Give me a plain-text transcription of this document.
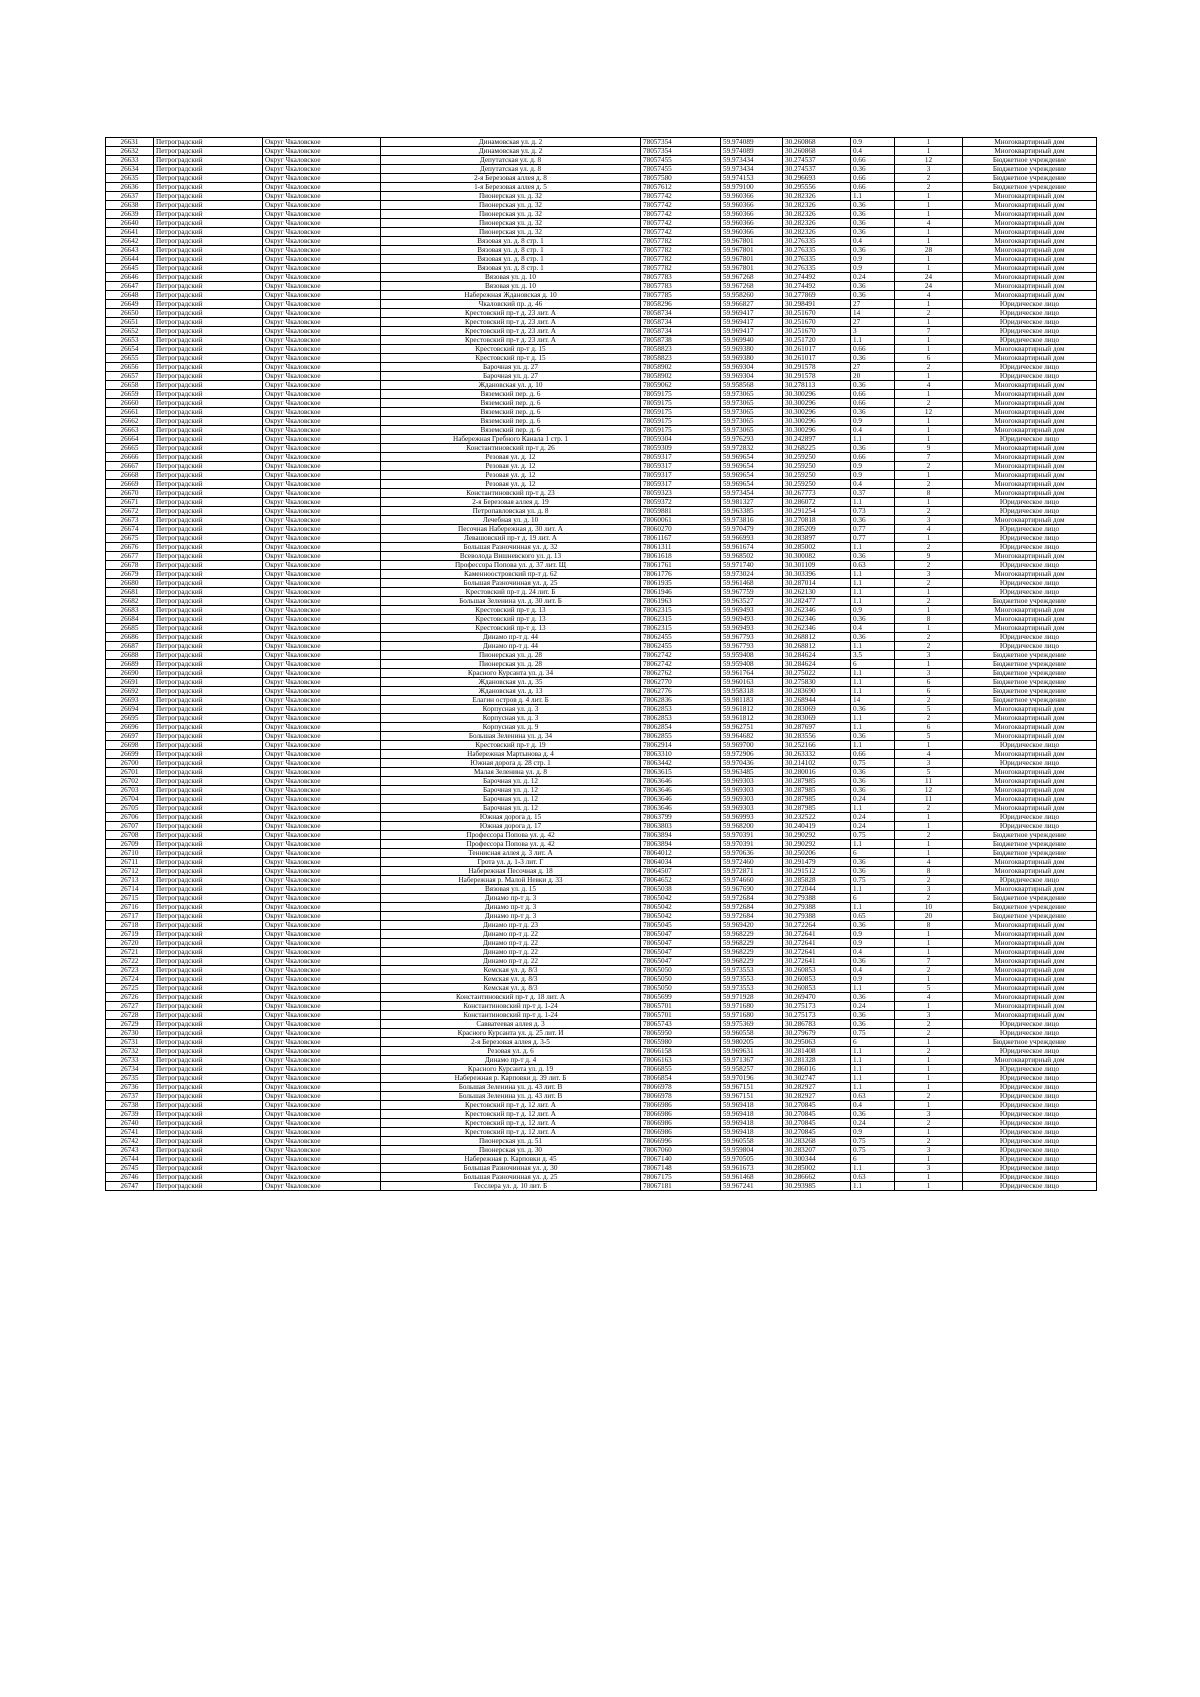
26631	Петроградский	Округ Чкаловское	Динамовская ул. д. 2	78057354	59.974089	30.260868	0.9	1	Многоквартирный дом
26632	Петроградский	Округ Чкаловское	Динамовская ул. д. 2	78057354	59.974089	30.260868	0.4	1	Многоквартирный дом
26633	Петроградский	Округ Чкаловское	Депутатская ул. д. 8	78057455	59.973434	30.274537	0.66	12	Бюджетное учреждение
26634	Петроградский	Округ Чкаловское	Депутатская ул. д. 8	78057455	59.973434	30.274537	0.36	3	Бюджетное учреждение
26635	Петроградский	Округ Чкаловское	2-я Березовая аллея д. 8	78057580	59.974153	30.296693	0.66	2	Бюджетное учреждение
26636	Петроградский	Округ Чкаловское	1-я Березовая аллея д. 5	78057612	59.979100	30.295556	0.66	2	Бюджетное учреждение
26637	Петроградский	Округ Чкаловское	Пионерская ул. д. 32	78057742	59.960366	30.282326	1.1	1	Многоквартирный дом
26638	Петроградский	Округ Чкаловское	Пионерская ул. д. 32	78057742	59.960366	30.282326	0.36	1	Многоквартирный дом
26639	Петроградский	Округ Чкаловское	Пионерская ул. д. 32	78057742	59.960366	30.282326	0.36	1	Многоквартирный дом
26640	Петроградский	Округ Чкаловское	Пионерская ул. д. 32	78057742	59.960366	30.282326	0.36	4	Многоквартирный дом
26641	Петроградский	Округ Чкаловское	Пионерская ул. д. 32	78057742	59.960366	30.282326	0.36	1	Многоквартирный дом
26642	Петроградский	Округ Чкаловское	Вязовая ул. д. 8 стр. 1	78057782	59.967801	30.276335	0.4	1	Многоквартирный дом
26643	Петроградский	Округ Чкаловское	Вязовая ул. д. 8 стр. 1	78057782	59.967801	30.276335	0.36	28	Многоквартирный дом
26644	Петроградский	Округ Чкаловское	Вязовая ул. д. 8 стр. 1	78057782	59.967801	30.276335	0.9	1	Многоквартирный дом
26645	Петроградский	Округ Чкаловское	Вязовая ул. д. 8 стр. 1	78057782	59.967801	30.276335	0.9	1	Многоквартирный дом
26646	Петроградский	Округ Чкаловское	Вязовая ул. д. 10	78057783	59.967268	30.274492	0.24	24	Многоквартирный дом
26647	Петроградский	Округ Чкаловское	Вязовая ул. д. 10	78057783	59.967268	30.274492	0.36	24	Многоквартирный дом
26648	Петроградский	Округ Чкаловское	Набережная Ждановская д. 10	78057785	59.958260	30.277869	0.36	4	Многоквартирный дом
26649	Петроградский	Округ Чкаловское	Чкаловский пр. д. 46	78058296	59.966827	30.298491	27	1	Юридическое лицо
26650	Петроградский	Округ Чкаловское	Крестовский пр-т д. 23 лит. А	78058734	59.969417	30.251670	14	2	Юридическое лицо
26651	Петроградский	Округ Чкаловское	Крестовский пр-т д. 23 лит. А	78058734	59.969417	30.251670	27	1	Юридическое лицо
26652	Петроградский	Округ Чкаловское	Крестовский пр-т д. 23 лит. А	78058734	59.969417	30.251670	3	7	Юридическое лицо
26653	Петроградский	Округ Чкаловское	Крестовский пр-т д. 23 лит. А	78058738	59.969940	30.251720	1.1	1	Юридическое лицо
26654	Петроградский	Округ Чкаловское	Крестовский пр-т д. 15	78058823	59.969380	30.261017	0.66	1	Многоквартирный дом
26655	Петроградский	Округ Чкаловское	Крестовский пр-т д. 15	78058823	59.969380	30.261017	0.36	6	Многоквартирный дом
26656	Петроградский	Округ Чкаловское	Барочная ул. д. 27	78058902	59.969304	30.291578	27	2	Юридическое лицо
26657	Петроградский	Округ Чкаловское	Барочная ул. д. 27	78058902	59.969304	30.291578	20	1	Юридическое лицо
26658	Петроградский	Округ Чкаловское	Ждановская ул. д. 10	78059062	59.958568	30.278113	0.36	4	Многоквартирный дом
26659	Петроградский	Округ Чкаловское	Вяземский пер. д. 6	78059175	59.973065	30.300296	0.66	1	Многоквартирный дом
26660	Петроградский	Округ Чкаловское	Вяземский пер. д. 6	78059175	59.973065	30.300296	0.66	2	Многоквартирный дом
26661	Петроградский	Округ Чкаловское	Вяземский пер. д. 6	78059175	59.973065	30.300296	0.36	12	Многоквартирный дом
26662	Петроградский	Округ Чкаловское	Вяземский пер. д. 6	78059175	59.973065	30.300296	0.9	1	Многоквартирный дом
26663	Петроградский	Округ Чкаловское	Вяземский пер. д. 6	78059175	59.973065	30.300296	0.4	1	Многоквартирный дом
26664	Петроградский	Округ Чкаловское	Набережная Гребного Канала 1 стр. 1	78059304	59.976293	30.242897	1.1	1	Юридическое лицо
26665	Петроградский	Округ Чкаловское	Константиновский пр-т д. 26	78059309	59.972832	30.268225	0.36	9	Многоквартирный дом
26666	Петроградский	Округ Чкаловское	Резовая ул. д. 12	78059317	59.969654	30.259250	0.66	7	Многоквартирный дом
26667	Петроградский	Округ Чкаловское	Резовая ул. д. 12	78059317	59.969654	30.259250	0.9	2	Многоквартирный дом
26668	Петроградский	Округ Чкаловское	Резовая ул. д. 12	78059317	59.969654	30.259250	0.9	1	Многоквартирный дом
26669	Петроградский	Округ Чкаловское	Резовая ул. д. 12	78059317	59.969654	30.259250	0.4	2	Многоквартирный дом
26670	Петроградский	Округ Чкаловское	Константиновский пр-т д. 23	78059323	59.973454	30.267773	0.37	8	Многоквартирный дом
26671	Петроградский	Округ Чкаловское	2-я Березовая аллея д. 19	78059372	59.981327	30.286072	1.1	1	Юридическое лицо
26672	Петроградский	Округ Чкаловское	Петропавловская ул. д. 8	78059881	59.963385	30.291254	0.73	2	Юридическое лицо
26673	Петроградский	Округ Чкаловское	Лечебная ул. д. 10	78060061	59.973816	30.270818	0.36	3	Многоквартирный дом
26674	Петроградский	Округ Чкаловское	Песочная Набережная д. 30 лит. А	78060270	59.970479	30.285209	0.77	4	Юридическое лицо
26675	Петроградский	Округ Чкаловское	Левашовский пр-т д. 19 лит. А	78061167	59.966993	30.283897	0.77	1	Юридическое лицо
26676	Петроградский	Округ Чкаловское	Большая Разночинная ул. д. 32	78061311	59.961674	30.285002	1.1	2	Юридическое лицо
26677	Петроградский	Округ Чкаловское	Всеволода Вишневского ул. д. 13	78061618	59.968502	30.300082	0.36	9	Многоквартирный дом
26678	Петроградский	Округ Чкаловское	Профессора Попова ул. д. 37 лит. Щ	78061761	59.971740	30.301109	0.63	2	Юридическое лицо
26679	Петроградский	Округ Чкаловское	Каменноостровский пр-т д. 62	78061776	59.973024	30.303396	1.1	3	Многоквартирный дом
26680	Петроградский	Округ Чкаловское	Большая Разночинная ул. д. 25	78061935	59.961468	30.287014	1.1	2	Юридическое лицо
26681	Петроградский	Округ Чкаловское	Крестовский пр-т д. 24 лит. Б	78061946	59.967759	30.262130	1.1	1	Юридическое лицо
26682	Петроградский	Округ Чкаловское	Большая Зеленина ул. д. 30 лит. Б	78061963	59.963527	30.282477	1.1	2	Бюджетное учреждение
26683	Петроградский	Округ Чкаловское	Крестовский пр-т д. 13	78062315	59.969493	30.262346	0.9	1	Многоквартирный дом
26684	Петроградский	Округ Чкаловское	Крестовский пр-т д. 13	78062315	59.969493	30.262346	0.36	8	Многоквартирный дом
26685	Петроградский	Округ Чкаловское	Крестовский пр-т д. 13	78062315	59.969493	30.262346	0.4	1	Многоквартирный дом
26686	Петроградский	Округ Чкаловское	Динамо пр-т д. 44	78062455	59.967793	30.268812	0.36	2	Юридическое лицо
26687	Петроградский	Округ Чкаловское	Динамо пр-т д. 44	78062455	59.967793	30.268812	1.1	2	Юридическое лицо
26688	Петроградский	Округ Чкаловское	Пионерская ул. д. 28	78062742	59.959408	30.284624	3.5	3	Бюджетное учреждение
26689	Петроградский	Округ Чкаловское	Пионерская ул. д. 28	78062742	59.959408	30.284624	6	1	Бюджетное учреждение
26690	Петроградский	Округ Чкаловское	Красного Курсанта ул. д. 34	78062762	59.961764	30.275022	1.1	3	Бюджетное учреждение
26691	Петроградский	Округ Чкаловское	Ждановская ул. д. 35	78062770	59.960163	30.275830	1.1	6	Бюджетное учреждение
26692	Петроградский	Округ Чкаловское	Ждановская ул. д. 13	78062776	59.958318	30.283690	1.1	6	Бюджетное учреждение
26693	Петроградский	Округ Чкаловское	Елагин остров д. 4 лит. Б	78062836	59.981183	30.268944	14	2	Бюджетное учреждение
26694	Петроградский	Округ Чкаловское	Корпусная ул. д. 3	78062853	59.961812	30.283069	0.36	5	Многоквартирный дом
26695	Петроградский	Округ Чкаловское	Корпусная ул. д. 3	78062853	59.961812	30.283069	1.1	2	Многоквартирный дом
26696	Петроградский	Округ Чкаловское	Корпусная ул. д. 9	78062854	59.962751	30.287697	1.1	6	Многоквартирный дом
26697	Петроградский	Округ Чкаловское	Большая Зеленина ул. д. 34	78062855	59.964682	30.283556	0.36	5	Многоквартирный дом
26698	Петроградский	Округ Чкаловское	Крестовский пр-т д. 19	78062914	59.969700	30.252166	1.1	1	Юридическое лицо
26699	Петроградский	Округ Чкаловское	Набережная Мартынова д. 4	78063310	59.972906	30.263332	0.66	4	Многоквартирный дом
26700	Петроградский	Округ Чкаловское	Южная дорога д. 28 стр. 1	78063442	59.970436	30.214102	0.75	3	Юридическое лицо
26701	Петроградский	Округ Чкаловское	Малая Зеленина ул. д. 8	78063615	59.963485	30.280016	0.36	5	Многоквартирный дом
26702	Петроградский	Округ Чкаловское	Барочная ул. д. 12	78063646	59.969303	30.287985	0.36	11	Многоквартирный дом
26703	Петроградский	Округ Чкаловское	Барочная ул. д. 12	78063646	59.969303	30.287985	0.36	12	Многоквартирный дом
26704	Петроградский	Округ Чкаловское	Барочная ул. д. 12	78063646	59.969303	30.287985	0.24	11	Многоквартирный дом
26705	Петроградский	Округ Чкаловское	Барочная ул. д. 12	78063646	59.969303	30.287985	1.1	2	Многоквартирный дом
26706	Петроградский	Округ Чкаловское	Южная дорога д. 15	78063799	59.969993	30.232522	0.24	1	Юридическое лицо
26707	Петроградский	Округ Чкаловское	Южная дорога д. 17	78063803	59.968200	30.240419	0.24	1	Юридическое лицо
26708	Петроградский	Округ Чкаловское	Профессора Попова ул. д. 42	78063894	59.970391	30.290292	0.75	2	Бюджетное учреждение
26709	Петроградский	Округ Чкаловское	Профессора Попова ул. д. 42	78063894	59.970391	30.290292	1.1	1	Бюджетное учреждение
26710	Петроградский	Округ Чкаловское	Теннисная аллея д. 3 лит. А	78064012	59.970636	30.250206	6	1	Бюджетное учреждение
26711	Петроградский	Округ Чкаловское	Грота ул. д. 1-3 лит. Г	78064034	59.972460	30.291479	0.36	4	Многоквартирный дом
26712	Петроградский	Округ Чкаловское	Набережная Песочная д. 18	78064507	59.972871	30.291512	0.36	8	Многоквартирный дом
26713	Петроградский	Округ Чкаловское	Набережная р. Малой Невки д. 33	78064652	59.974660	30.285828	0.75	2	Юридическое лицо
26714	Петроградский	Округ Чкаловское	Вязовая ул. д. 15	78065038	59.967690	30.272044	1.1	3	Многоквартирный дом
26715	Петроградский	Округ Чкаловское	Динамо пр-т д. 3	78065042	59.972684	30.279388	6	2	Бюджетное учреждение
26716	Петроградский	Округ Чкаловское	Динамо пр-т д. 3	78065042	59.972684	30.279388	1.1	10	Бюджетное учреждение
26717	Петроградский	Округ Чкаловское	Динамо пр-т д. 3	78065042	59.972684	30.279388	0.65	20	Бюджетное учреждение
26718	Петроградский	Округ Чкаловское	Динамо пр-т д. 23	78065045	59.969420	30.272264	0.36	8	Многоквартирный дом
26719	Петроградский	Округ Чкаловское	Динамо пр-т д. 22	78065047	59.968229	30.272641	0.9	1	Многоквартирный дом
26720	Петроградский	Округ Чкаловское	Динамо пр-т д. 22	78065047	59.968229	30.272641	0.9	1	Многоквартирный дом
26721	Петроградский	Округ Чкаловское	Динамо пр-т д. 22	78065047	59.968229	30.272641	0.4	1	Многоквартирный дом
26722	Петроградский	Округ Чкаловское	Динамо пр-т д. 22	78065047	59.968229	30.272641	0.36	7	Многоквартирный дом
26723	Петроградский	Округ Чкаловское	Кемская ул. д. 8/3	78065050	59.973553	30.260853	0.4	2	Многоквартирный дом
26724	Петроградский	Округ Чкаловское	Кемская ул. д. 8/3	78065050	59.973553	30.260853	0.9	1	Многоквартирный дом
26725	Петроградский	Округ Чкаловское	Кемская ул. д. 8/3	78065050	59.973553	30.260853	1.1	5	Многоквартирный дом
26726	Петроградский	Округ Чкаловское	Константиновский пр-т д. 18 лит. А	78065699	59.971928	30.269470	0.36	4	Многоквартирный дом
26727	Петроградский	Округ Чкаловское	Константиновский пр-т д. 1-24	78065701	59.971680	30.275173	0.24	1	Многоквартирный дом
26728	Петроградский	Округ Чкаловское	Константиновский пр-т д. 1-24	78065701	59.971680	30.275173	0.36	3	Многоквартирный дом
26729	Петроградский	Округ Чкаловское	Савватеевая аллея д. 3	78065743	59.975369	30.286783	0.36	2	Юридическое лицо
26730	Петроградский	Округ Чкаловское	Красного Курсанта ул. д. 25 лит. И	78065950	59.960558	30.279679	0.75	2	Юридическое лицо
26731	Петроградский	Округ Чкаловское	2-я Березовая аллея д. 3-5	78065980	59.980205	30.295063	6	1	Бюджетное учреждение
26732	Петроградский	Округ Чкаловское	Резовая ул. д. 6	78066158	59.969631	30.281408	1.1	2	Юридическое лицо
26733	Петроградский	Округ Чкаловское	Динамо пр-т д. 4	78066163	59.971367	30.281328	1.1	1	Многоквартирный дом
26734	Петроградский	Округ Чкаловское	Красного Курсанта ул. д. 19	78066855	59.958257	30.286016	1.1	1	Юридическое лицо
26735	Петроградский	Округ Чкаловское	Набережная р. Карповки д. 39 лит. Б	78066854	59.970196	30.302747	1.1	1	Юридическое лицо
26736	Петроградский	Округ Чкаловское	Большая Зеленина ул. д. 43 лит. В	78066978	59.967151	30.282927	1.1	1	Юридическое лицо
26737	Петроградский	Округ Чкаловское	Большая Зеленина ул. д. 43 лит. В	78066978	59.967151	30.282927	0.63	2	Юридическое лицо
26738	Петроградский	Округ Чкаловское	Крестовский пр-т д. 12 лит. А	78066986	59.969418	30.270845	0.4	1	Юридическое лицо
26739	Петроградский	Округ Чкаловское	Крестовский пр-т д. 12 лит. А	78066986	59.969418	30.270845	0.36	3	Юридическое лицо
26740	Петроградский	Округ Чкаловское	Крестовский пр-т д. 12 лит. А	78066986	59.969418	30.270845	0.24	2	Юридическое лицо
26741	Петроградский	Округ Чкаловское	Крестовский пр-т д. 12 лит. А	78066986	59.969418	30.270845	0.9	1	Юридическое лицо
26742	Петроградский	Округ Чкаловское	Пионерская ул. д. 51	78066996	59.960558	30.283268	0.75	2	Юридическое лицо
26743	Петроградский	Округ Чкаловское	Пионерская ул. д. 30	78067060	59.959804	30.283207	0.75	3	Юридическое лицо
26744	Петроградский	Округ Чкаловское	Набережная р. Карповки д. 45	78067140	59.970505	30.300344	6	1	Юридическое лицо
26745	Петроградский	Округ Чкаловское	Большая Разночинная ул. д. 30	78067148	59.961673	30.285002	1.1	3	Юридическое лицо
26746	Петроградский	Округ Чкаловское	Большая Разночинная ул. д. 25	78067175	59.961468	30.286662	0.63	1	Юридическое лицо
26747	Петроградский	Округ Чкаловское	Гесслера ул. д. 10 лит. Б	78067181	59.967241	30.293985	1.1	1	Юридическое лицо
